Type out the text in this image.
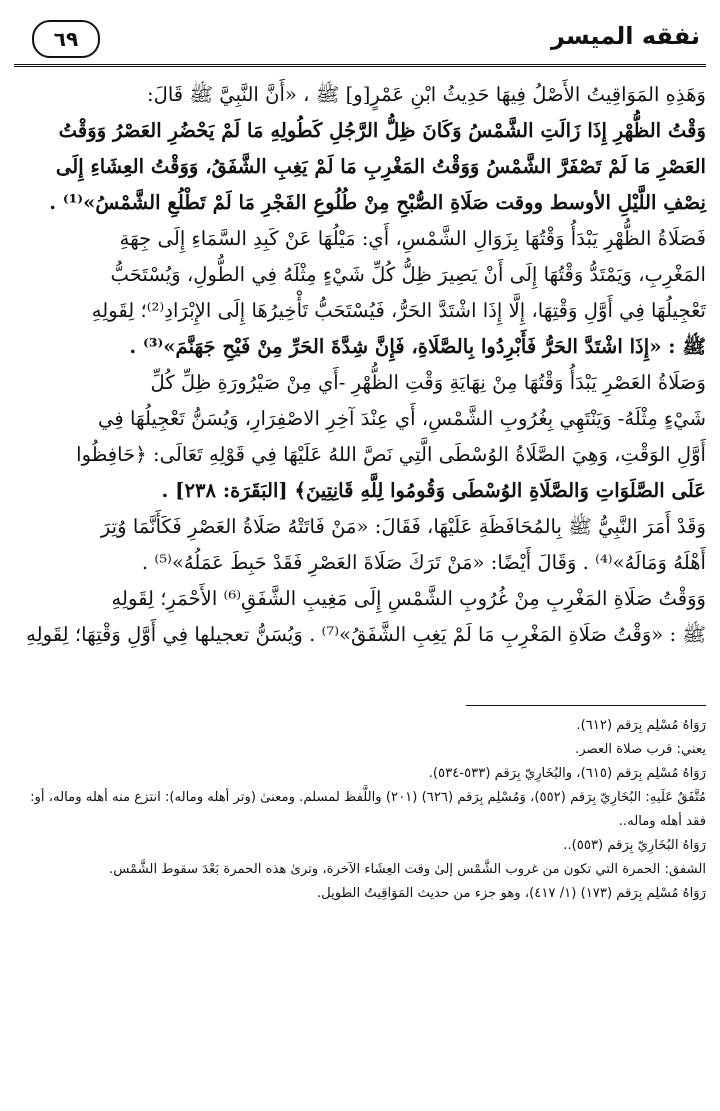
نفقه الميسر
٦٩

وَهَذِهِ المَوَاقِيتُ الأَصْلُ فِيهَا حَدِيثُ ابْنِ عَمْرٍ[و] ﷺ ، «أَنَّ النَّبِيَّ ﷺ قَالَ:

وَقْتُ الظُّهْرِ إِذَا زَالَتِ الشَّمْسُ وَكَانَ ظِلُّ الرَّجُلِ كَطُولِهِ مَا لَمْ يَحْضُرِ العَصْرُ وَوَقْتُ

العَصْرِ مَا لَمْ تَصْفَرَّ الشَّمْسُ وَوَقْتُ المَغْرِبِ مَا لَمْ يَغِبِ الشَّفَقُ، وَوَقْتُ العِشَاءِ إِلَى

نِصْفِ اللَّيْلِ الأوسط ووقت صَلَاةِ الصُّبْحِ مِنْ طُلُوعِ الفَجْرِ مَا لَمْ تَطْلُعِ الشَّمْسُ»⁽¹⁾ .

فَصَلَاةُ الظُّهْرِ يَبْدَأُ وَقْتُهَا بِزَوَالِ الشَّمْسِ، أَي: مَيْلُهَا عَنْ كَبِدِ السَّمَاءِ إِلَى جِهَةِ

المَغْرِبِ، وَيَمْتَدُّ وَقْتُهَا إِلَى أَنْ يَصِيرَ ظِلُّ كُلِّ شَيْءٍ مِثْلَهُ فِي الطُّولِ، وَيُسْتَحَبُّ

تَعْجِيلُهَا فِي أَوَّلِ وَقْتِهَا، إِلَّا إِذَا اشْتَدَّ الحَرُّ، فَيُسْتَحَبُّ تَأْخِيرُهَا إِلَى الإِبْرَادِ⁽²⁾؛ لِقَولِهِ

ﷺ : «إِذَا اشْتَدَّ الحَرُّ فَأَبْرِدُوا بِالصَّلَاةِ، فَإِنَّ شِدَّةَ الحَرِّ مِنْ فَيْحِ جَهَنَّمَ»⁽³⁾ .

وَصَلَاةُ العَصْرِ يَبْدَأُ وَقْتُهَا مِنْ نِهَايَةِ وَقْتِ الظُّهْرِ -أَي مِنْ صَيْرُورَةِ ظِلِّ كُلِّ

شَيْءٍ مِثْلَهُ- وَيَنْتَهِي بِغُرُوبِ الشَّمْسِ، أَي عِنْدَ آخِرِ الاصْفِرَارِ، وَيُسَنُّ تَعْجِيلُهَا فِي

أَوَّلِ الوَقْتِ، وَهِيَ الصَّلَاةُ الوُسْطَى الَّتِي نَصَّ اللهُ عَلَيْهَا فِي قَوْلِهِ تَعَالَى: ﴿حَافِظُوا

عَلَى الصَّلَوَاتِ وَالصَّلَاةِ الوُسْطَى وَقُومُوا لِلَّهِ قَانِتِينَ﴾ [البَقَرَة: ٢٣٨] .

وَقَدْ أَمَرَ النَّبِيُّ ﷺ بِالمُحَافَظَةِ عَلَيْهَا، فَقَالَ: «مَنْ فَاتَتْهُ صَلَاةُ العَصْرِ فَكَأَنَّمَا وُتِرَ

أَهْلَهُ وَمَالَهُ»⁽⁴⁾ . وَقَالَ أَيْضًا: «مَنْ تَرَكَ صَلَاةَ العَصْرِ فَقَدْ حَبِطَ عَمَلُهُ»⁽⁵⁾ .

وَوَقْتُ صَلَاةِ المَغْرِبِ مِنْ غُرُوبِ الشَّمْسِ إِلَى مَغِيبِ الشَّفَقِ⁽⁶⁾ الأَحْمَرِ؛ لِقَولِهِ

ﷺ : «وَقْتُ صَلَاةِ المَغْرِبِ مَا لَمْ يَغِبِ الشَّفَقُ»⁽⁷⁾ . وَيُسَنُّ تعجيلها فِي أَوَّلِ وَقْتِهَا؛ لِقَولِهِ

رَوَاهُ مُسْلِم بِرَقم (٦١٢).

يعني: قرب صلاة العصر.

رَوَاهُ مُسْلِم بِرَقم (٦١٥)، والبُخَارِيّ بِرَقم (٥٣٣-٥٣٤).

مُتَّفَقٌ عَلَيهِ: البُخَارِيّ بِرَقم (٥٥٢)، وَمُسْلِم بِرَقم (٦٢٦) (٢٠١) واللَّفظ لمسلم. ومعنىٰ (وتر أهله وماله): انتزع منه أهله وماله، أو: فقد أهله وماله..

رَوَاهُ البُخَارِيّ بِرَقم (٥٥٣)..

الشفق: الحمرة التي تكون من غروب الشَّمْس إلىٰ وقت العِشَاء الآخرة، وترىٰ هذه الحمرة بَعْدَ سقوط الشَّمْس.

رَوَاهُ مُسْلِم بِرَقم (١٧٣) (١/ ٤١٧)، وهو جزء من حديث المَوَاقِيتُ الطويل.
